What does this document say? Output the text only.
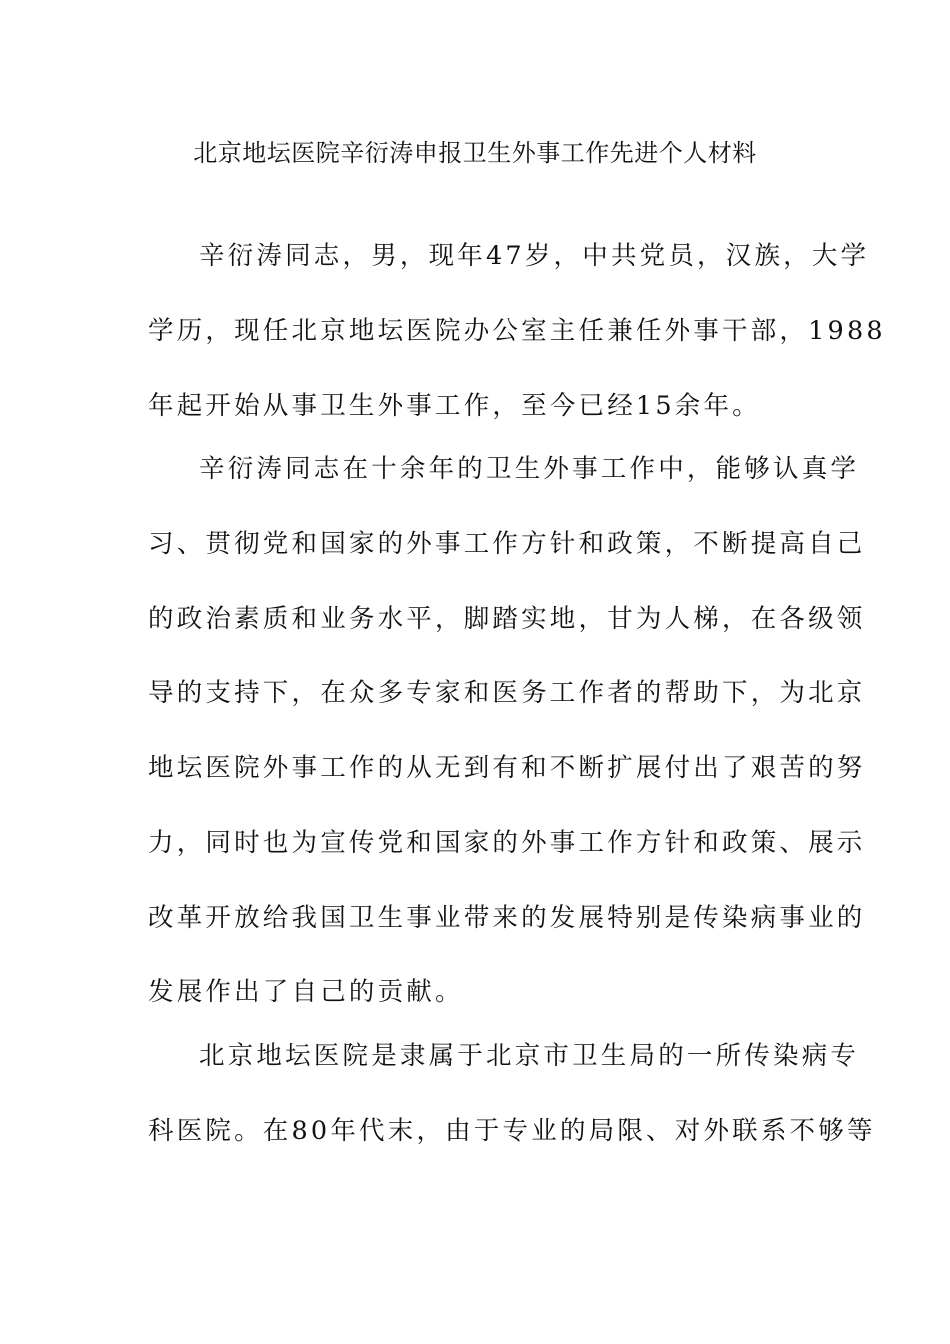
北京地坛医院辛衍涛申报卫生外事工作先进个人材料
辛衍涛同志，男，现年47岁，中共党员，汉族，大学
学历，现任北京地坛医院办公室主任兼任外事干部，1988
年起开始从事卫生外事工作，至今已经15余年。
辛衍涛同志在十余年的卫生外事工作中，能够认真学
习、贯彻党和国家的外事工作方针和政策，不断提高自己
的政治素质和业务水平，脚踏实地，甘为人梯，在各级领
导的支持下，在众多专家和医务工作者的帮助下，为北京
地坛医院外事工作的从无到有和不断扩展付出了艰苦的努
力，同时也为宣传党和国家的外事工作方针和政策、展示
改革开放给我国卫生事业带来的发展特别是传染病事业的
发展作出了自己的贡献。
北京地坛医院是隶属于北京市卫生局的一所传染病专
科医院。在80年代末，由于专业的局限、对外联系不够等
